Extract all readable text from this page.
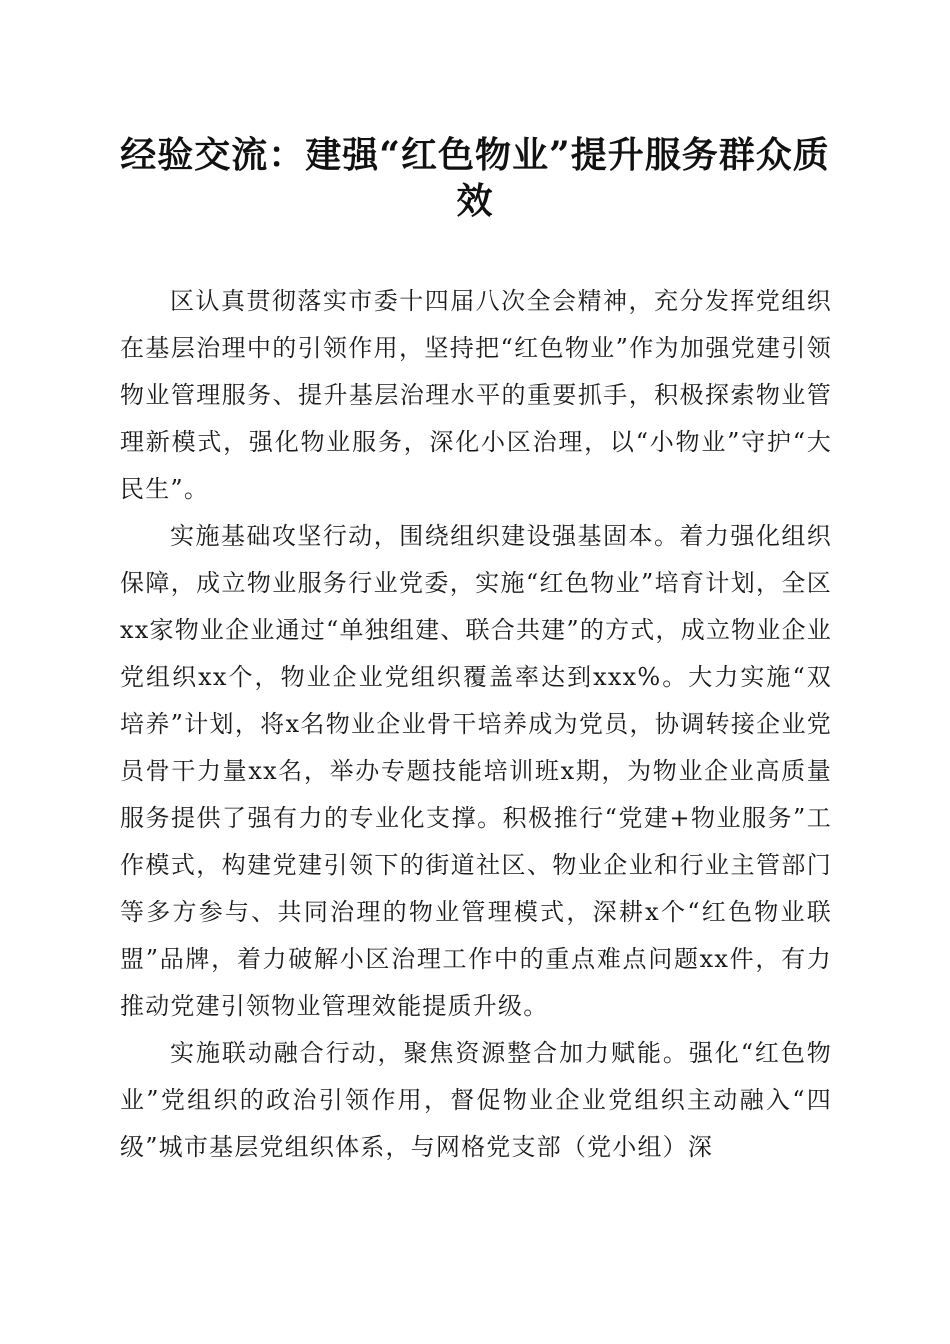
经验交流：建强“红色物业”提升服务群众质效

区认真贯彻落实市委十四届八次全会精神，充分发挥党组织在基层治理中的引领作用，坚持把“红色物业”作为加强党建引领物业管理服务、提升基层治理水平的重要抓手，积极探索物业管理新模式，强化物业服务，深化小区治理，以“小物业”守护“大民生”。

实施基础攻坚行动，围绕组织建设强基固本。着力强化组织保障，成立物业服务行业党委，实施“红色物业”培育计划，全区xx家物业企业通过“单独组建、联合共建”的方式，成立物业企业党组织xx个，物业企业党组织覆盖率达到xxx%。大力实施“双培养”计划，将x名物业企业骨干培养成为党员，协调转接企业党员骨干力量xx名，举办专题技能培训班x期，为物业企业高质量服务提供了强有力的专业化支撑。积极推行“党建+物业服务”工作模式，构建党建引领下的街道社区、物业企业和行业主管部门等多方参与、共同治理的物业管理模式，深耕x个“红色物业联盟”品牌，着力破解小区治理工作中的重点难点问题xx件，有力推动党建引领物业管理效能提质升级。

实施联动融合行动，聚焦资源整合加力赋能。强化“红色物业”党组织的政治引领作用，督促物业企业党组织主动融入“四级”城市基层党组织体系，与网格党支部（党小组）深
